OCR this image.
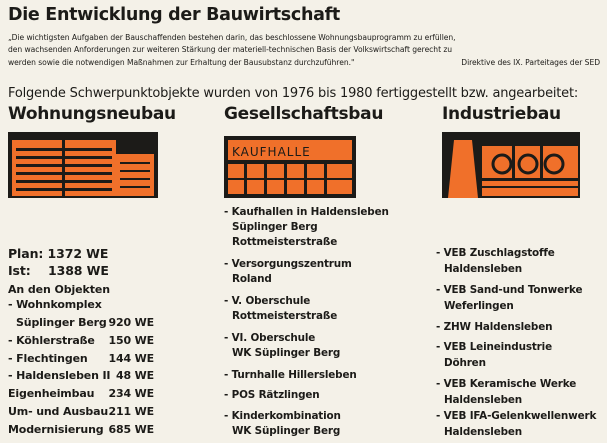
Die Entwicklung der Bauwirtschaft
„Die wichtigsten Aufgaben der Bauschaffenden bestehen darin, das beschlossene Wohnungsbauprogramm zu erfüllen,
den wachsenden Anforderungen zur weiteren Stärkung der materiell-technischen Basis der Volkswirtschaft gerecht zu
werden sowie die notwendigen Maßnahmen zur Erhaltung der Bausubstanz durchzuführen."	Direktive des IX. Parteitages der SED
Folgende Schwerpunktobjekte wurden von 1976 bis 1980 fertiggestellt bzw. angearbeitet:
Wohnungsneubau	Gesellschaftsbau	Industriebau
KAUFHALLE
Plan: 1372 WE
Ist: 1388 WE
An den Objekten
- Wohnkomplex
Süplinger Berg 920 WE
- Köhlerstraße 150 WE
- Flechtingen 144 WE
- Haldensleben II 48 WE
Eigenheimbau 234 WE
Um- und Ausbau 211 WE
Modernisierung 685 WE
- Kaufhallen in Haldensleben
Süplinger Berg
Rottmeisterstraße
- Versorgungszentrum
Roland
- V. Oberschule
Rottmeisterstraße
- VI. Oberschule
WK Süplinger Berg
- Turnhalle Hillersleben
- POS Rätzlingen
- Kinderkombination
WK Süplinger Berg
- VEB Zuschlagstoffe
Haldensleben
- VEB Sand-und Tonwerke
Weferlingen
- ZHW Haldensleben
- VEB Leineindustrie
Döhren
- VEB Keramische Werke
Haldensleben
- VEB IFA-Gelenkwellenwerk
Haldensleben
